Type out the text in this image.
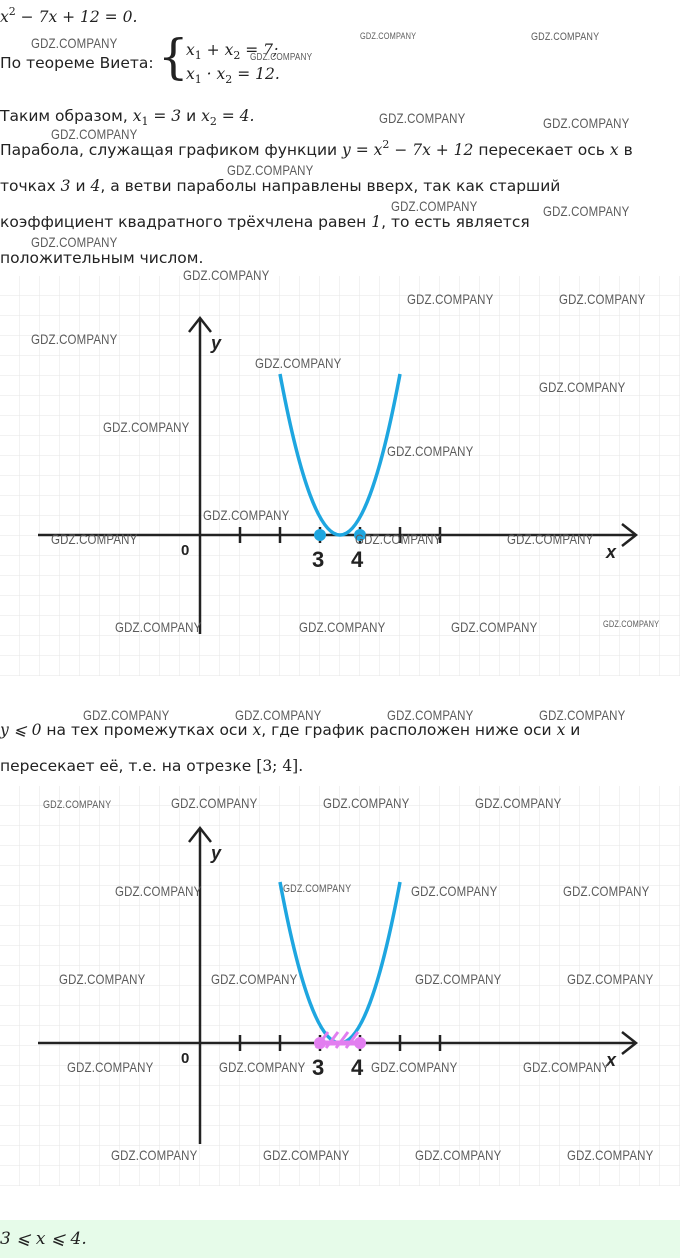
$x^2 - 7x + 12 = 0$.
По теореме Виета: {
$x_1 + x_2 = 7$;
$x_1 \cdot x_2 = 12$.
Таким образом, $x_1 = 3$ и $x_2 = 4$.
Парабола, служащая графиком функции $y = x^2 - 7x + 12$ пересекает ось x в
точках 3 и 4, а ветви параболы направлены вверх, так как старший
коэффициент квадратного трёхчлена равен 1, то есть является
положительным числом.
y
x
0	3 4
y ⩽ 0 на тех промежутках оси x, где график расположен ниже оси x и
пересекает её, т.е. на отрезке [3; 4].
y
x
0	3 4
3 ⩽ x ⩽ 4.
GDZ.COMPANY	GDZ.COMPANY	GDZ.COMPANY
GDZ.COMPANY
GDZ.COMPANY	GDZ.COMPANY
GDZ.COMPANY
GDZ.COMPANY
GDZ.COMPANY	GDZ.COMPANY
GDZ.COMPANY
GDZ.COMPANY
GDZ.COMPANY	GDZ.COMPANY
GDZ.COMPANY
GDZ.COMPANY
GDZ.COMPANY
GDZ.COMPANY
GDZ.COMPANY
GDZ.COMPANY
GDZ.COMPANY	GDZ.COMPANY	GDZ.COMPANY
GDZ.COMPANY	GDZ.COMPANY	GDZ.COMPANY	GDZ.COMPANY
GDZ.COMPANY	GDZ.COMPANY	GDZ.COMPANY	GDZ.COMPANY
GDZ.COMPANY	GDZ.COMPANY	GDZ.COMPANY	GDZ.COMPANY
GDZ.COMPANY	GDZ.COMPANY	GDZ.COMPANY	GDZ.COMPANY
GDZ.COMPANY	GDZ.COMPANY	GDZ.COMPANY	GDZ.COMPANY
GDZ.COMPANY	GDZ.COMPANY	GDZ.COMPANY	GDZ.COMPANY
GDZ.COMPANY	GDZ.COMPANY	GDZ.COMPANY	GDZ.COMPANY
